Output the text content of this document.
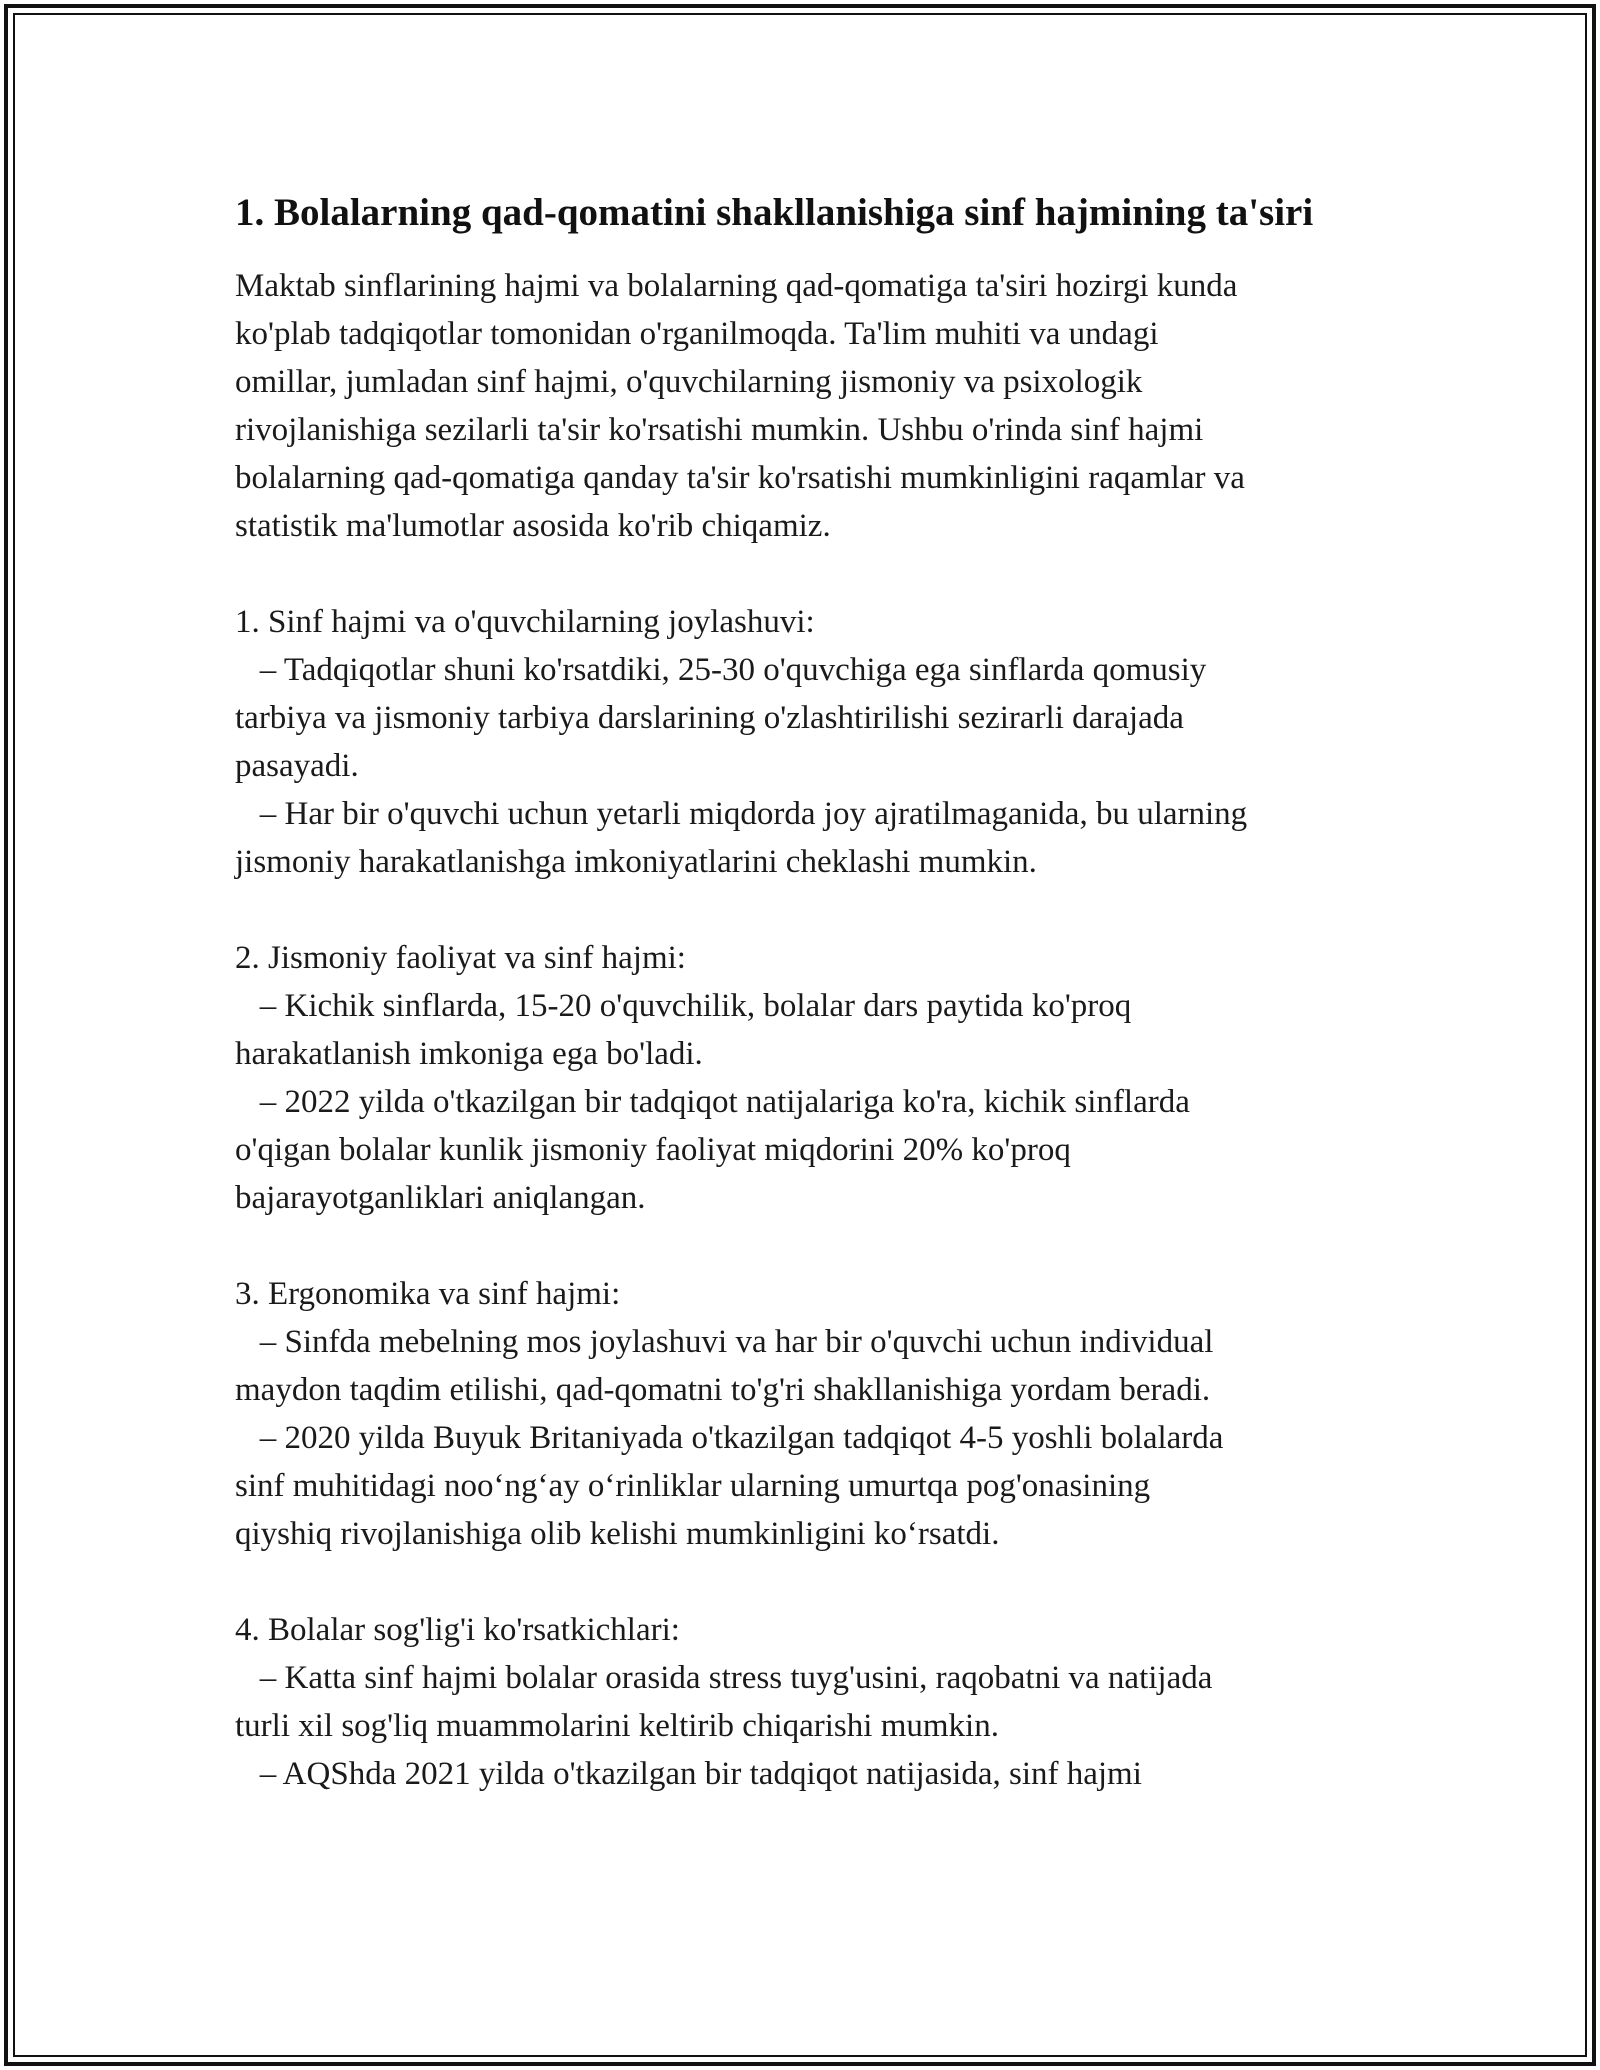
1. Bolalarning qad-qomatini shakllanishiga sinf hajmining ta'siri

Maktab sinflarining hajmi va bolalarning qad-qomatiga ta'siri hozirgi kunda
ko'plab tadqiqotlar tomonidan o'rganilmoqda. Ta'lim muhiti va undagi
omillar, jumladan sinf hajmi, o'quvchilarning jismoniy va psixologik
rivojlanishiga sezilarli ta'sir ko'rsatishi mumkin. Ushbu o'rinda sinf hajmi
bolalarning qad-qomatiga qanday ta'sir ko'rsatishi mumkinligini raqamlar va
statistik ma'lumotlar asosida ko'rib chiqamiz.

1. Sinf hajmi va o'quvchilarning joylashuvi:
– Tadqiqotlar shuni ko'rsatdiki, 25-30 o'quvchiga ega sinflarda qomusiy
tarbiya va jismoniy tarbiya darslarining o'zlashtirilishi sezirarli darajada
pasayadi.
– Har bir o'quvchi uchun yetarli miqdorda joy ajratilmaganida, bu ularning
jismoniy harakatlanishga imkoniyatlarini cheklashi mumkin.

2. Jismoniy faoliyat va sinf hajmi:
– Kichik sinflarda, 15-20 o'quvchilik, bolalar dars paytida ko'proq
harakatlanish imkoniga ega bo'ladi.
– 2022 yilda o'tkazilgan bir tadqiqot natijalariga ko'ra, kichik sinflarda
o'qigan bolalar kunlik jismoniy faoliyat miqdorini 20% ko'proq
bajarayotganliklari aniqlangan.

3. Ergonomika va sinf hajmi:
– Sinfda mebelning mos joylashuvi va har bir o'quvchi uchun individual
maydon taqdim etilishi, qad-qomatni to'g'ri shakllanishiga yordam beradi.
– 2020 yilda Buyuk Britaniyada o'tkazilgan tadqiqot 4-5 yoshli bolalarda
sinf muhitidagi noo‘ng‘ay o‘rinliklar ularning umurtqa pog'onasining
qiyshiq rivojlanishiga olib kelishi mumkinligini ko‘rsatdi.

4. Bolalar sog'lig'i ko'rsatkichlari:
– Katta sinf hajmi bolalar orasida stress tuyg'usini, raqobatni va natijada
turli xil sog'liq muammolarini keltirib chiqarishi mumkin.
– AQShda 2021 yilda o'tkazilgan bir tadqiqot natijasida, sinf hajmi
